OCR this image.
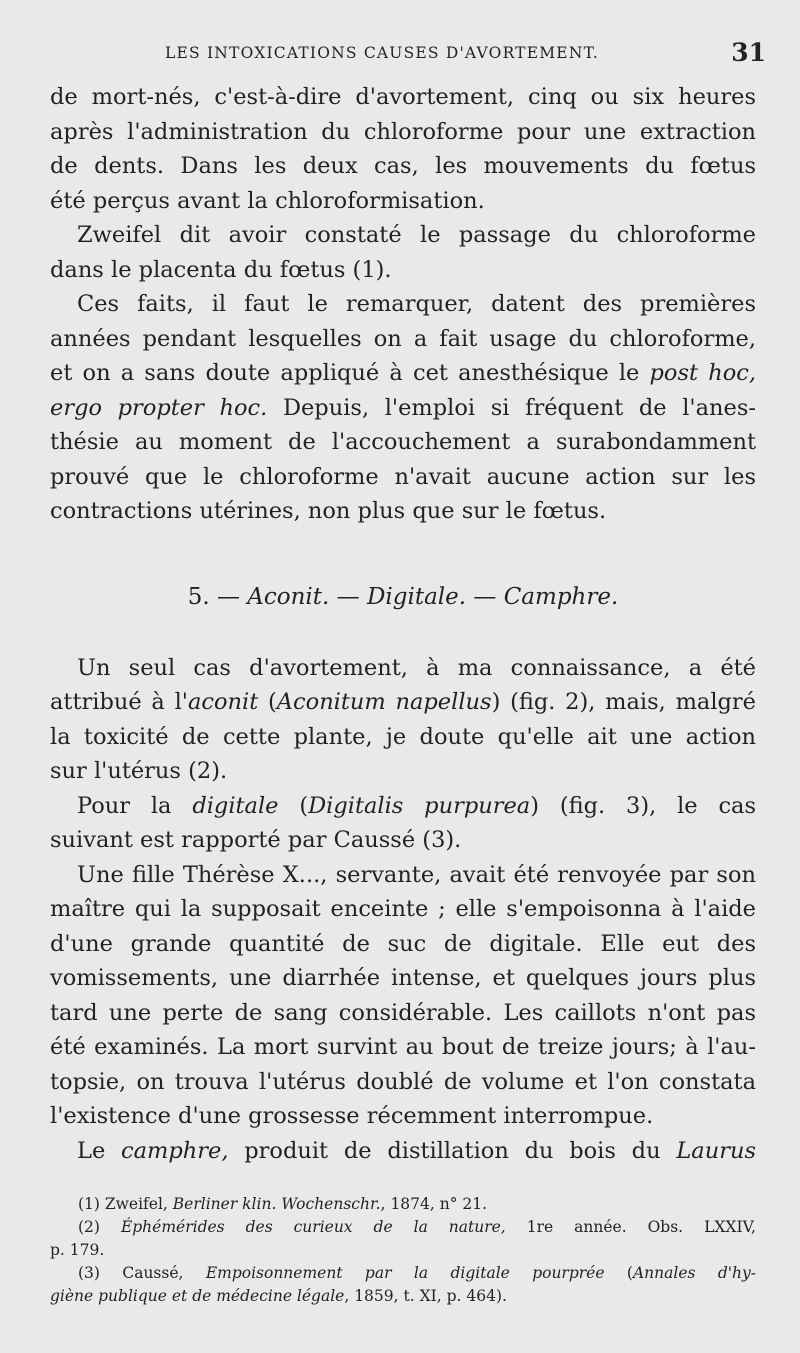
LES INTOXICATIONS CAUSES D'AVORTEMENT.	31
de mort-nés, c'est-à-dire d'avortement, cinq ou six heures
après l'administration du chloroforme pour une extraction
de dents. Dans les deux cas, les mouvements du fœtus
été perçus avant la chloroformisation.
Zweifel dit avoir constaté le passage du chloroforme
dans le placenta du fœtus (1).
Ces faits, il faut le remarquer, datent des premières
années pendant lesquelles on a fait usage du chloroforme,
et on a sans doute appliqué à cet anesthésique le post hoc,
ergo propter hoc. Depuis, l'emploi si fréquent de l'anes-
thésie au moment de l'accouchement a surabondamment
prouvé que le chloroforme n'avait aucune action sur les
contractions utérines, non plus que sur le fœtus.
5. — Aconit. — Digitale. — Camphre.
Un seul cas d'avortement, à ma connaissance, a été
attribué à l'aconit (Aconitum napellus) (fig. 2), mais, malgré
la toxicité de cette plante, je doute qu'elle ait une action
sur l'utérus (2).
Pour la digitale (Digitalis purpurea) (fig. 3), le cas
suivant est rapporté par Caussé (3).
Une fille Thérèse X..., servante, avait été renvoyée par son
maître qui la supposait enceinte ; elle s'empoisonna à l'aide
d'une grande quantité de suc de digitale. Elle eut des
vomissements, une diarrhée intense, et quelques jours plus
tard une perte de sang considérable. Les caillots n'ont pas
été examinés. La mort survint au bout de treize jours; à l'au-
topsie, on trouva l'utérus doublé de volume et l'on constata
l'existence d'une grossesse récemment interrompue.
Le camphre, produit de distillation du bois du Laurus
(1) Zweifel, Berliner klin. Wochenschr., 1874, n° 21.
(2) Éphémérides des curieux de la nature, 1re année. Obs. LXXIV,
p. 179.
(3) Caussé, Empoisonnement par la digitale pourprée (Annales d'hy-
giène publique et de médecine légale, 1859, t. XI, p. 464).
